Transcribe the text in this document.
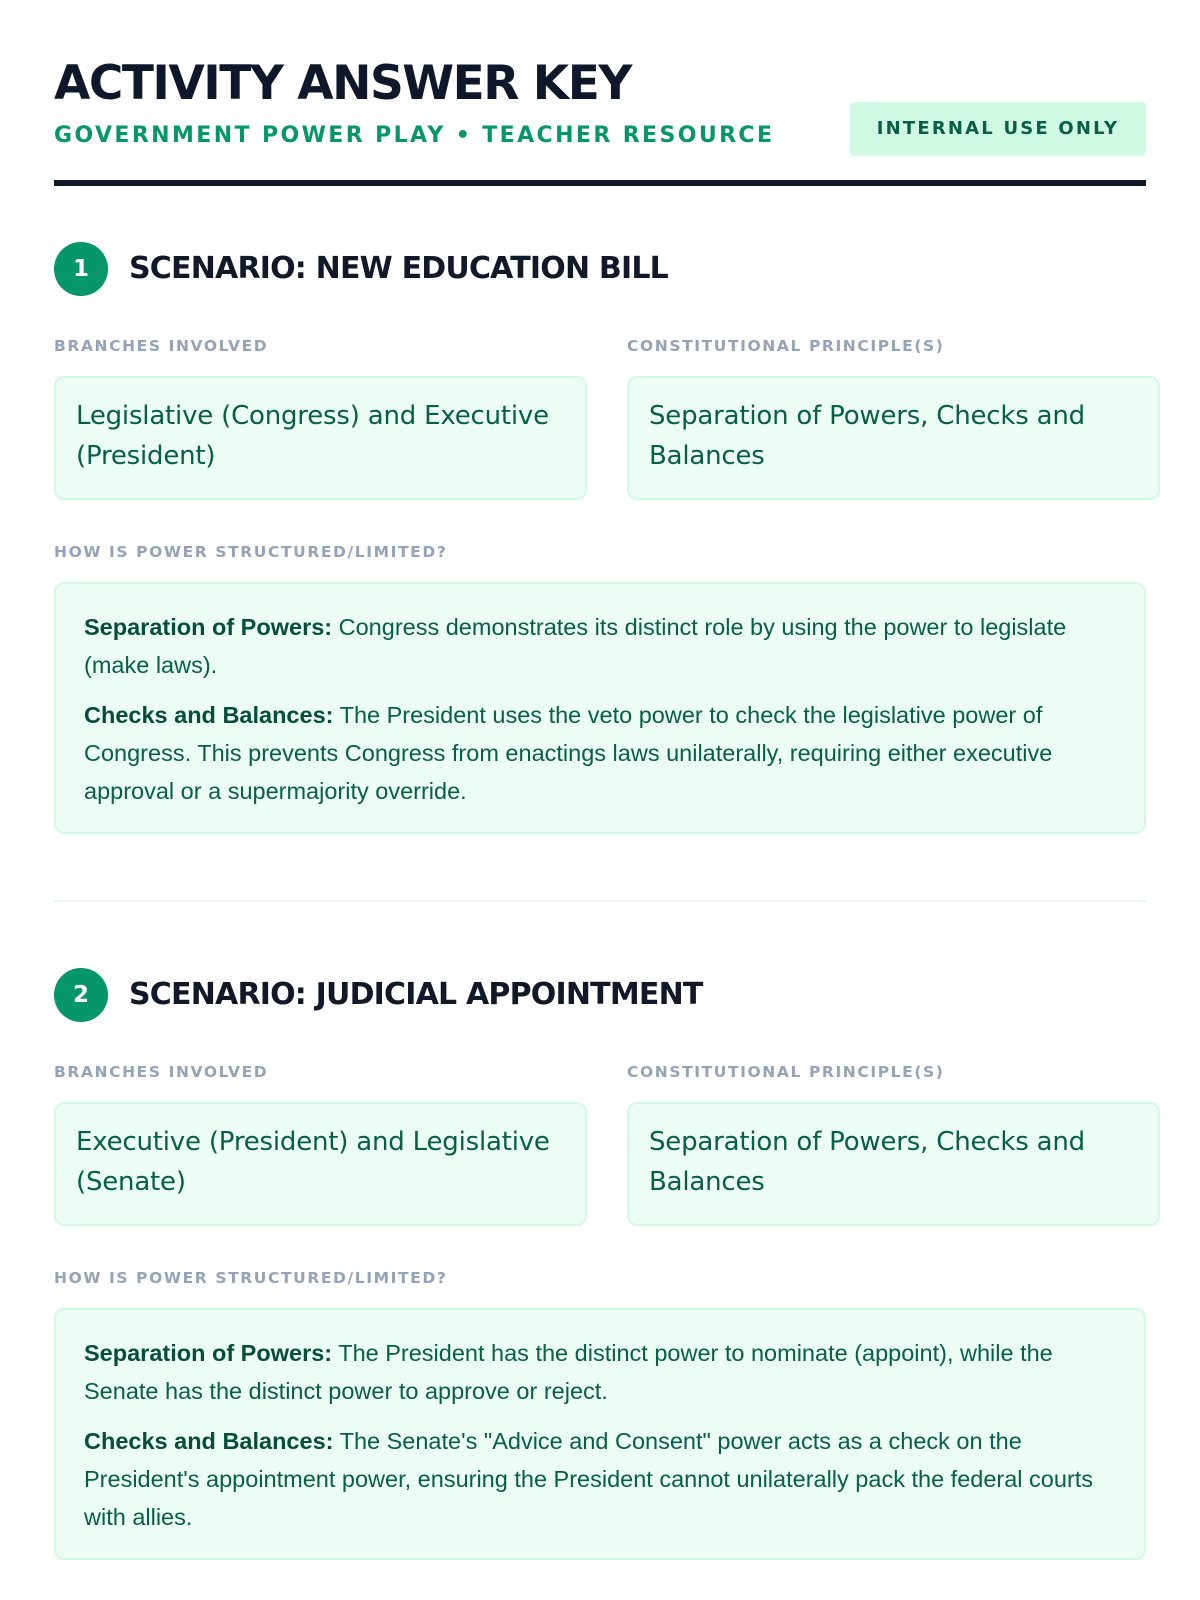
ACTIVITY ANSWER KEY
GOVERNMENT POWER PLAY • TEACHER RESOURCE	INTERNAL USE ONLY
1	SCENARIO: NEW EDUCATION BILL
BRANCHES INVOLVED
Legislative (Congress) and Executive (President)
CONSTITUTIONAL PRINCIPLE(S)
Separation of Powers, Checks and Balances
HOW IS POWER STRUCTURED/LIMITED?

Separation of Powers: Congress demonstrates its distinct role by using the power to legislate (make laws).

Checks and Balances: The President uses the veto power to check the legislative power of Congress. This prevents Congress from enactings laws unilaterally, requiring either executive approval or a supermajority override.

2	SCENARIO: JUDICIAL APPOINTMENT
BRANCHES INVOLVED
Executive (President) and Legislative (Senate)
CONSTITUTIONAL PRINCIPLE(S)
Separation of Powers, Checks and Balances
HOW IS POWER STRUCTURED/LIMITED?

Separation of Powers: The President has the distinct power to nominate (appoint), while the Senate has the distinct power to approve or reject.

Checks and Balances: The Senate's "Advice and Consent" power acts as a check on the President's appointment power, ensuring the President cannot unilaterally pack the federal courts with allies.
